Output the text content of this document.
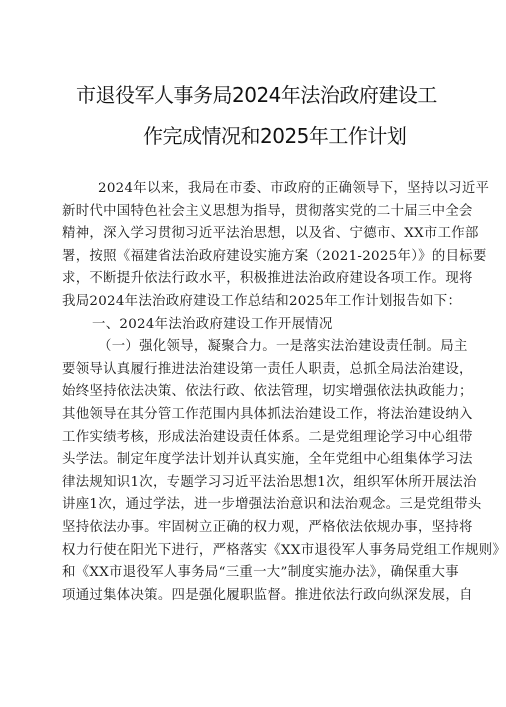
市退役军人事务局2024年法治政府建设工
作完成情况和2025年工作计划
2024年以来，我局在市委、市政府的正确领导下，坚持以习近平
新时代中国特色社会主义思想为指导，贯彻落实党的二十届三中全会
精神，深入学习贯彻习近平法治思想，以及省、宁德市、XX市工作部
署，按照《福建省法治政府建设实施方案（2021-2025年）》的目标要
求，不断提升依法行政水平，积极推进法治政府建设各项工作。现将
我局2024年法治政府建设工作总结和2025年工作计划报告如下：
一、2024年法治政府建设工作开展情况
（一）强化领导，凝聚合力。一是落实法治建设责任制。局主
要领导认真履行推进法治建设第一责任人职责，总抓全局法治建设，
始终坚持依法决策、依法行政、依法管理，切实增强依法执政能力；
其他领导在其分管工作范围内具体抓法治建设工作，将法治建设纳入
工作实绩考核，形成法治建设责任体系。二是党组理论学习中心组带
头学法。制定年度学法计划并认真实施，全年党组中心组集体学习法
律法规知识1次，专题学习习近平法治思想1次，组织军休所开展法治
讲座1次，通过学法，进一步增强法治意识和法治观念。三是党组带头
坚持依法办事。牢固树立正确的权力观，严格依法依规办事，坚持将
权力行使在阳光下进行，严格落实《XX市退役军人事务局党组工作规则》
和《XX市退役军人事务局“三重一大”制度实施办法》，确保重大事
项通过集体决策。四是强化履职监督。推进依法行政向纵深发展，自
